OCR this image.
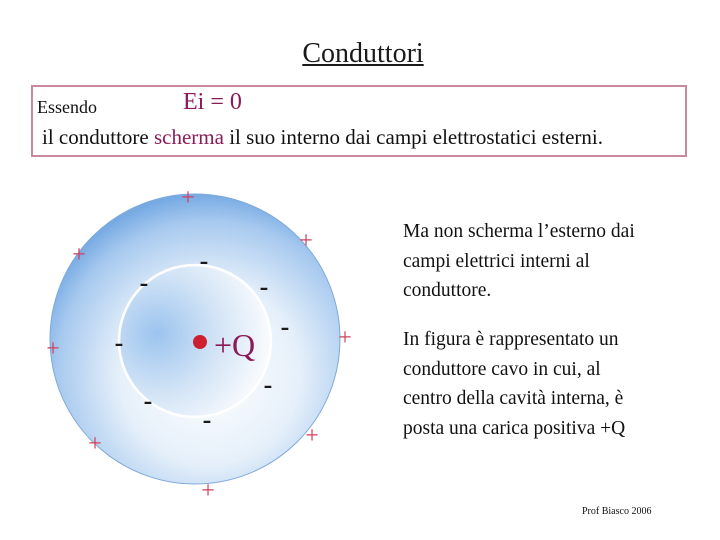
Conduttori
Essendo	Ei = 0
il conduttore scherma il suo interno dai campi elettrostatici esterni.
+Q
+
+
+
+
+
+
+
+
-
-	-
-
-
-
-
-
Ma non scherma l’esterno dai
campi elettrici interni al
conduttore.
In figura è rappresentato un
conduttore cavo in cui, al
centro della cavità interna, è
posta una carica positiva +Q
Prof Biasco 2006
